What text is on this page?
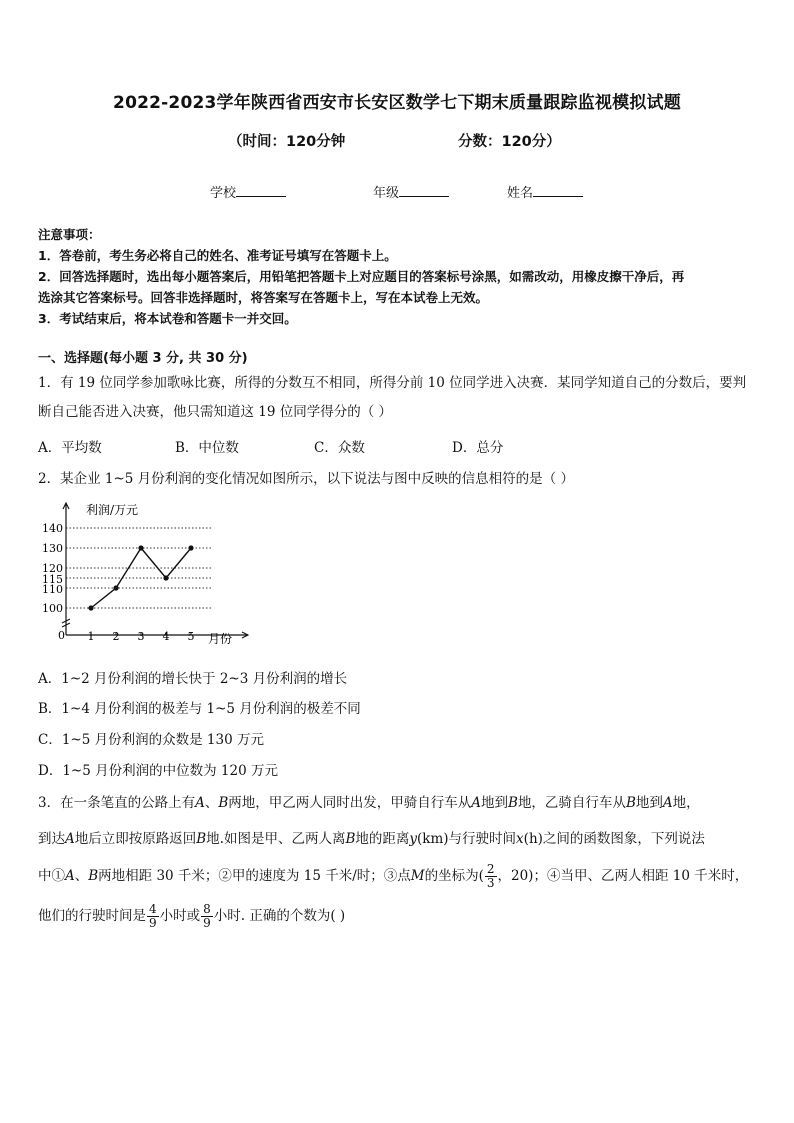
2022-2023学年陕西省西安市长安区数学七下期末质量跟踪监视模拟试题
（时间：120分钟	分数：120分）
学校	年级	姓名
注意事项：
1．答卷前，考生务必将自己的姓名、准考证号填写在答题卡上。
2．回答选择题时，选出每小题答案后，用铅笔把答题卡上对应题目的答案标号涂黑，如需改动，用橡皮擦干净后，再
选涂其它答案标号。回答非选择题时，将答案写在答题卡上，写在本试卷上无效。
3．考试结束后，将本试卷和答题卡一并交回。
一、选择题(每小题 3 分, 共 30 分)
1．有 19 位同学参加歌咏比赛，所得的分数互不相同，所得分前 10 位同学进入决赛．某同学知道自己的分数后，要判
断自己能否进入决赛，他只需知道这 19 位同学得分的（ ）
A．平均数	B．中位数	C．众数	D．总分
2．某企业 1~5 月份利润的变化情况如图所示，以下说法与图中反映的信息相符的是（ ）
100
110
115
120
130
140
1 2 3 4 5
利润/万元
月份
0
A．1~2 月份利润的增长快于 2~3 月份利润的增长
B．1~4 月份利润的极差与 1~5 月份利润的极差不同
C．1~5 月份利润的众数是 130 万元
D．1~5 月份利润的中位数为 120 万元
3．在一条笔直的公路上有A、B两地，甲乙两人同时出发，甲骑自行车从A地到B地，乙骑自行车从B地到A地，
到达A地后立即按原路返回B地.如图是甲、乙两人离B地的距离y(km)与行驶时间x(h)之间的函数图象，下列说法
中①A、B两地相距 30 千米；②甲的速度为 15 千米/时；③点M的坐标为( $\frac{2}{3}$ ，20)；④当甲、乙两人相距 10 千米时，
他们的行驶时间是 $\frac{4}{9}$ 小时或 $\frac{8}{9}$ 小时. 正确的个数为( )
